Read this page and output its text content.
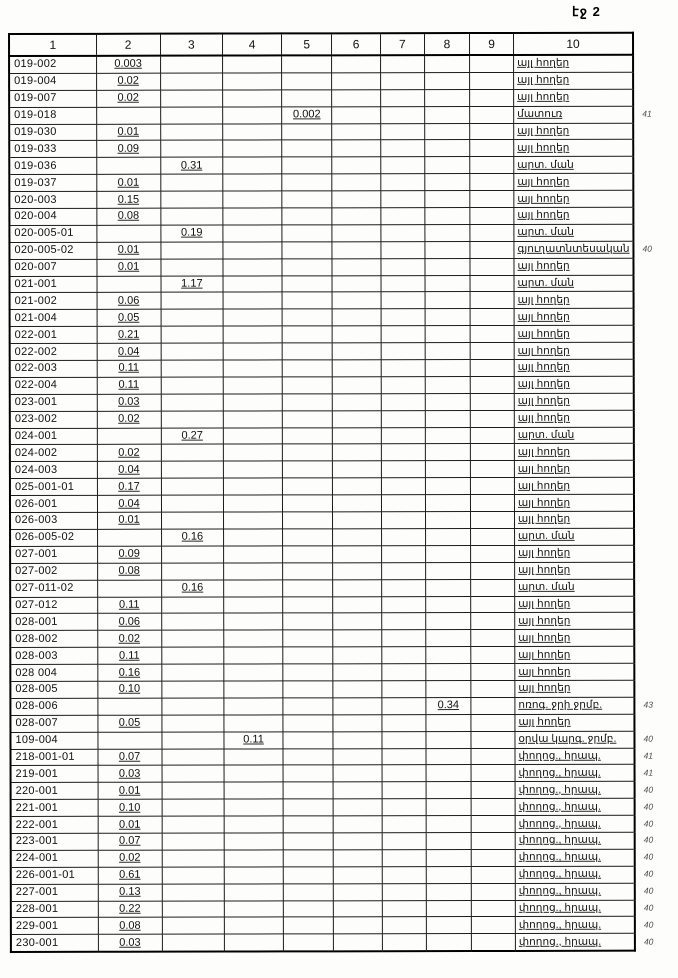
էջ 2
1	2	3	4	5	6	7	8	9	10	
019-002	0.003								այլ հողեր	
019-004	0.02								այլ հողեր	
019-007	0.02								այլ հողեր	
019-018				0.002					մատուռ	41
019-030	0.01								այլ հողեր	
019-033	0.09								այլ հողեր	
019-036		0.31							արտ. ման	
019-037	0.01								այլ հողեր	
020-003	0.15								այլ հողեր	
020-004	0.08								այլ հողեր	
020-005-01		0.19							արտ. ման	
020-005-02	0.01								գյուղատնտեսական	40
020-007	0.01								այլ հողեր	
021-001		1.17							արտ. ման	
021-002	0.06								այլ հողեր	
021-004	0.05								այլ հողեր	
022-001	0.21								այլ հողեր	
022-002	0.04								այլ հողեր	
022-003	0.11								այլ հողեր	
022-004	0.11								այլ հողեր	
023-001	0.03								այլ հողեր	
023-002	0.02								այլ հողեր	
024-001		0.27							արտ. ման	
024-002	0.02								այլ հողեր	
024-003	0.04								այլ հողեր	
025-001-01	0.17								այլ հողեր	
026-001	0.04								այլ հողեր	
026-003	0.01								այլ հողեր	
026-005-02		0.16							արտ. ման	
027-001	0.09								այլ հողեր	
027-002	0.08								այլ հողեր	
027-011-02		0.16							արտ. ման	
027-012	0.11								այլ հողեր	
028-001	0.06								այլ հողեր	
028-002	0.02								այլ հողեր	
028-003	0.11								այլ հողեր	
028 004	0.16								այլ հողեր	
028-005	0.10								այլ հողեր	
028-006							0.34		ոռոգ. ջրի ջրմբ.	43
028-007	0.05								այլ հողեր	
109-004			0.11						օրվա կարգ. ջրմբ.	40
218-001-01	0.07								փողոց., հրապ.	41
219-001	0.03								փողոց., հրապ.	41
220-001	0.01								փողոց., հրապ.	40
221-001	0.10								փողոց., հրապ.	40
222-001	0.01								փողոց., հրապ.	40
223-001	0.07								փողոց., հրապ.	40
224-001	0.02								փողոց., հրապ.	40
226-001-01	0.61								փողոց., հրապ.	40
227-001	0.13								փողոց., հրապ.	40
228-001	0.22								փողոց., հրապ.	40
229-001	0.08								փողոց., հրապ.	40
230-001	0.03								փողոց., հրապ.	40
